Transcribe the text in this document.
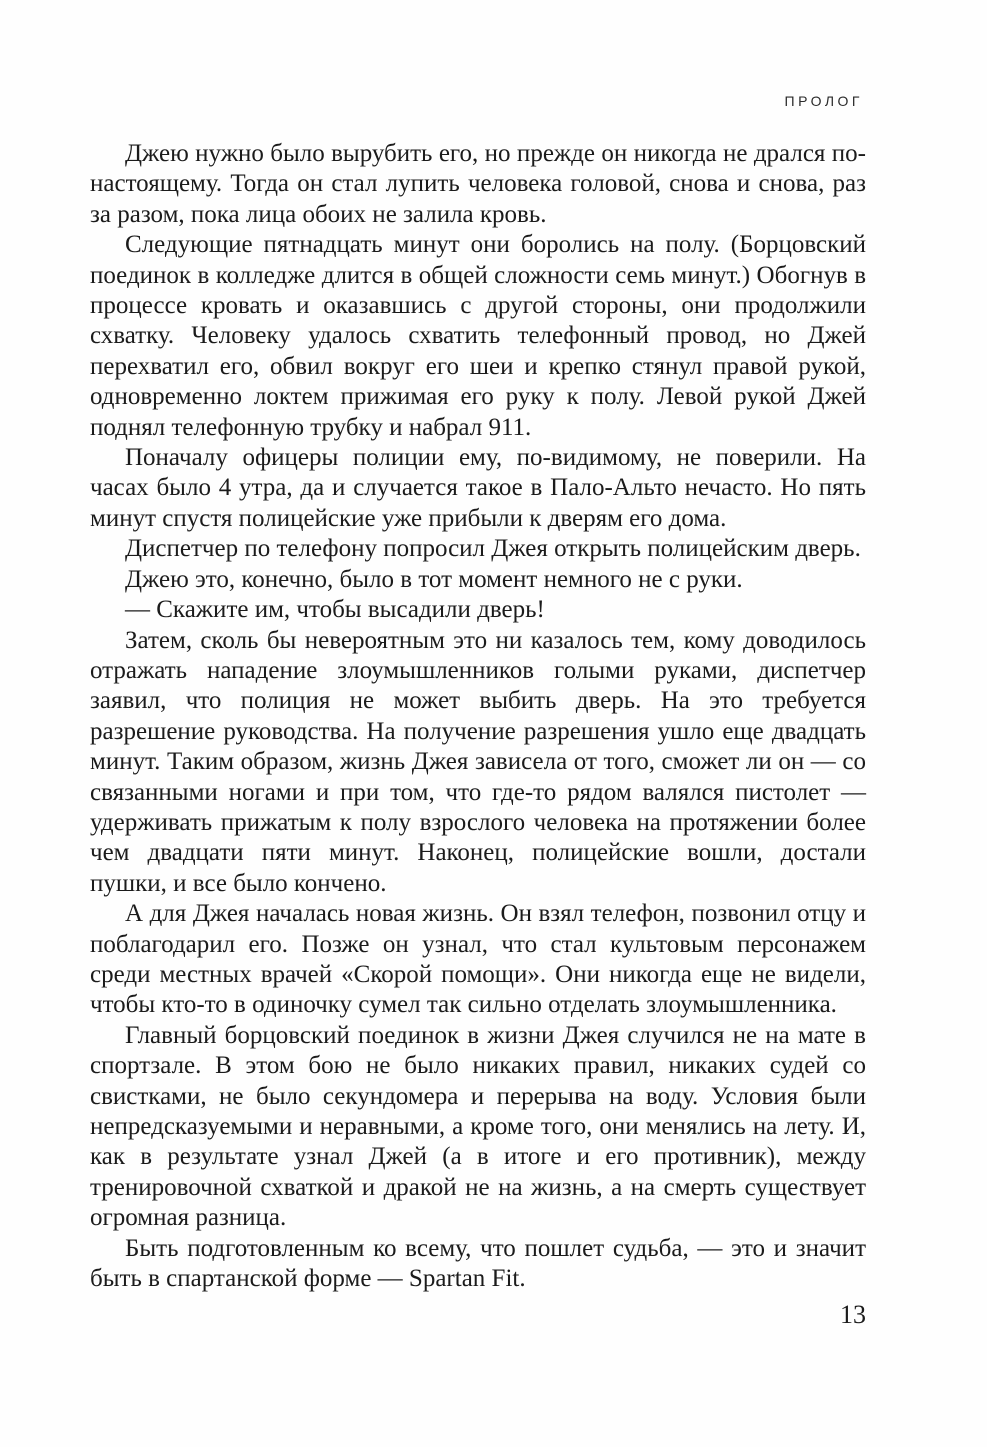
ПРОЛОГ

Джею нужно было вырубить его, но прежде он никогда не дрался по-настоящему. Тогда он стал лупить человека головой, снова и снова, раз за разом, пока лица обоих не залила кровь.

Следующие пятнадцать минут они боролись на полу. (Борцовский поединок в колледже длится в общей сложности семь минут.) Обогнув в процессе кровать и оказавшись с другой стороны, они продолжили схватку. Человеку удалось схватить телефонный провод, но Джей перехватил его, обвил вокруг его шеи и крепко стянул правой рукой, одновременно локтем прижимая его руку к полу. Левой рукой Джей поднял телефонную трубку и набрал 911.

Поначалу офицеры полиции ему, по-видимому, не поверили. На часах было 4 утра, да и случается такое в Пало-Альто нечасто. Но пять минут спустя полицейские уже прибыли к дверям его дома.

Диспетчер по телефону попросил Джея открыть полицейским дверь.

Джею это, конечно, было в тот момент немного не с руки.

— Скажите им, чтобы высадили дверь!

Затем, сколь бы невероятным это ни казалось тем, кому доводилось отражать нападение злоумышленников голыми руками, диспетчер заявил, что полиция не может выбить дверь. На это требуется разрешение руководства. На получение разрешения ушло еще двадцать минут. Таким образом, жизнь Джея зависела от того, сможет ли он — со связанными ногами и при том, что где-то рядом валялся пистолет — удерживать прижатым к полу взрослого человека на протяжении более чем двадцати пяти минут. Наконец, полицейские вошли, достали пушки, и все было кончено.

А для Джея началась новая жизнь. Он взял телефон, позвонил отцу и поблагодарил его. Позже он узнал, что стал культовым персонажем среди местных врачей «Скорой помощи». Они никогда еще не видели, чтобы кто-то в одиночку сумел так сильно отделать злоумышленника.

Главный борцовский поединок в жизни Джея случился не на мате в спортзале. В этом бою не было никаких правил, никаких судей со свистками, не было секундомера и перерыва на воду. Условия были непредсказуемыми и неравными, а кроме того, они менялись на лету. И, как в результате узнал Джей (а в итоге и его противник), между тренировочной схваткой и дракой не на жизнь, а на смерть существует огромная разница.

Быть подготовленным ко всему, что пошлет судьба, — это и значит быть в спартанской форме — Spartan Fit.

13
